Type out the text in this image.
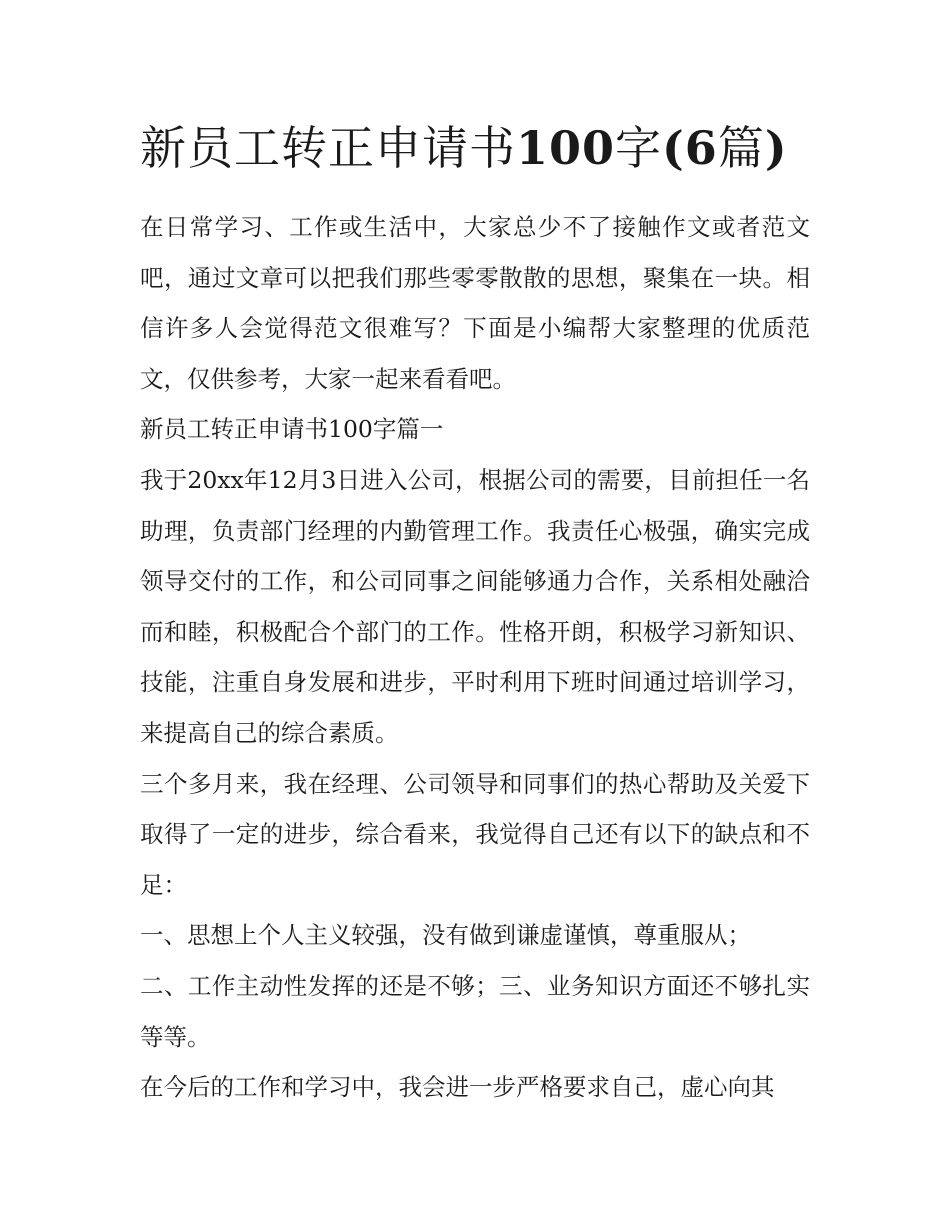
新员工转正申请书100字(6篇)

在日常学习、工作或生活中，大家总少不了接触作文或者范文吧，通过文章可以把我们那些零零散散的思想，聚集在一块。相信许多人会觉得范文很难写？下面是小编帮大家整理的优质范文，仅供参考，大家一起来看看吧。

新员工转正申请书100字篇一

我于20xx年12月3日进入公司，根据公司的需要，目前担任一名助理，负责部门经理的内勤管理工作。我责任心极强，确实完成领导交付的工作，和公司同事之间能够通力合作，关系相处融洽而和睦，积极配合个部门的工作。性格开朗，积极学习新知识、技能，注重自身发展和进步，平时利用下班时间通过培训学习，来提高自己的综合素质。

三个多月来，我在经理、公司领导和同事们的热心帮助及关爱下取得了一定的进步，综合看来，我觉得自己还有以下的缺点和不足：

一、思想上个人主义较强，没有做到谦虚谨慎，尊重服从；

二、工作主动性发挥的还是不够；三、业务知识方面还不够扎实等等。

在今后的工作和学习中，我会进一步严格要求自己，虚心向其
